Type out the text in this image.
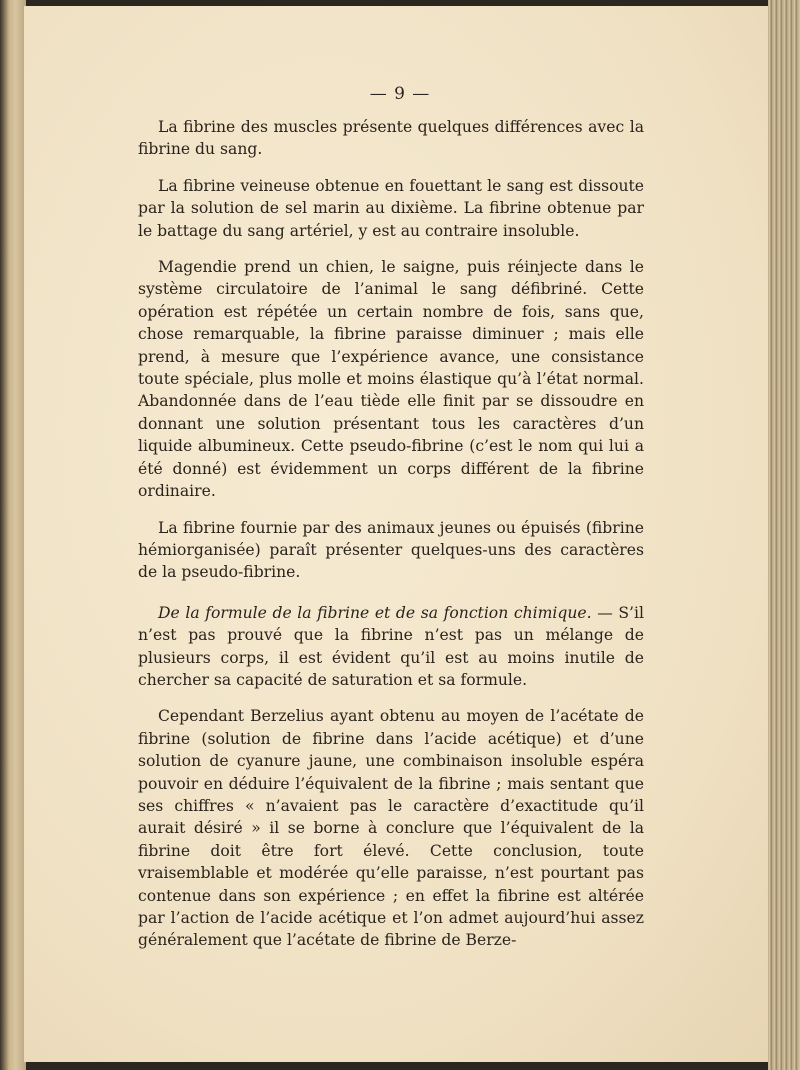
— 9 —

La fibrine des muscles présente quelques différences avec la fibrine du sang.

La fibrine veineuse obtenue en fouettant le sang est dissoute par la solution de sel marin au dixième. La fibrine obtenue par le battage du sang artériel, y est au contraire insoluble.

Magendie prend un chien, le saigne, puis réinjecte dans le système circulatoire de l’animal le sang défibriné. Cette opération est répétée un certain nombre de fois, sans que, chose remarquable, la fibrine paraisse diminuer ; mais elle prend, à mesure que l’expérience avance, une consistance toute spéciale, plus molle et moins élastique qu’à l’état normal. Abandonnée dans de l’eau tiède elle finit par se dissoudre en donnant une solution présentant tous les caractères d’un liquide albumineux. Cette pseudo-fibrine (c’est le nom qui lui a été donné) est évidemment un corps différent de la fibrine ordinaire.

La fibrine fournie par des animaux jeunes ou épuisés (fibrine hémiorganisée) paraît présenter quelques-uns des caractères de la pseudo-fibrine.

De la formule de la fibrine et de sa fonction chimique. — S’il n’est pas prouvé que la fibrine n’est pas un mélange de plusieurs corps, il est évident qu’il est au moins inutile de chercher sa capacité de saturation et sa formule.

Cependant Berzelius ayant obtenu au moyen de l’acétate de fibrine (solution de fibrine dans l’acide acétique) et d’une solution de cyanure jaune, une combinaison insoluble espéra pouvoir en déduire l’équivalent de la fibrine ; mais sentant que ses chiffres « n’avaient pas le caractère d’exactitude qu’il aurait désiré » il se borne à conclure que l’équivalent de la fibrine doit être fort élevé. Cette conclusion, toute vraisemblable et modérée qu’elle paraisse, n’est pourtant pas contenue dans son expérience ; en effet la fibrine est altérée par l’action de l’acide acétique et l’on admet aujourd’hui assez généralement que l’acétate de fibrine de Berze-
